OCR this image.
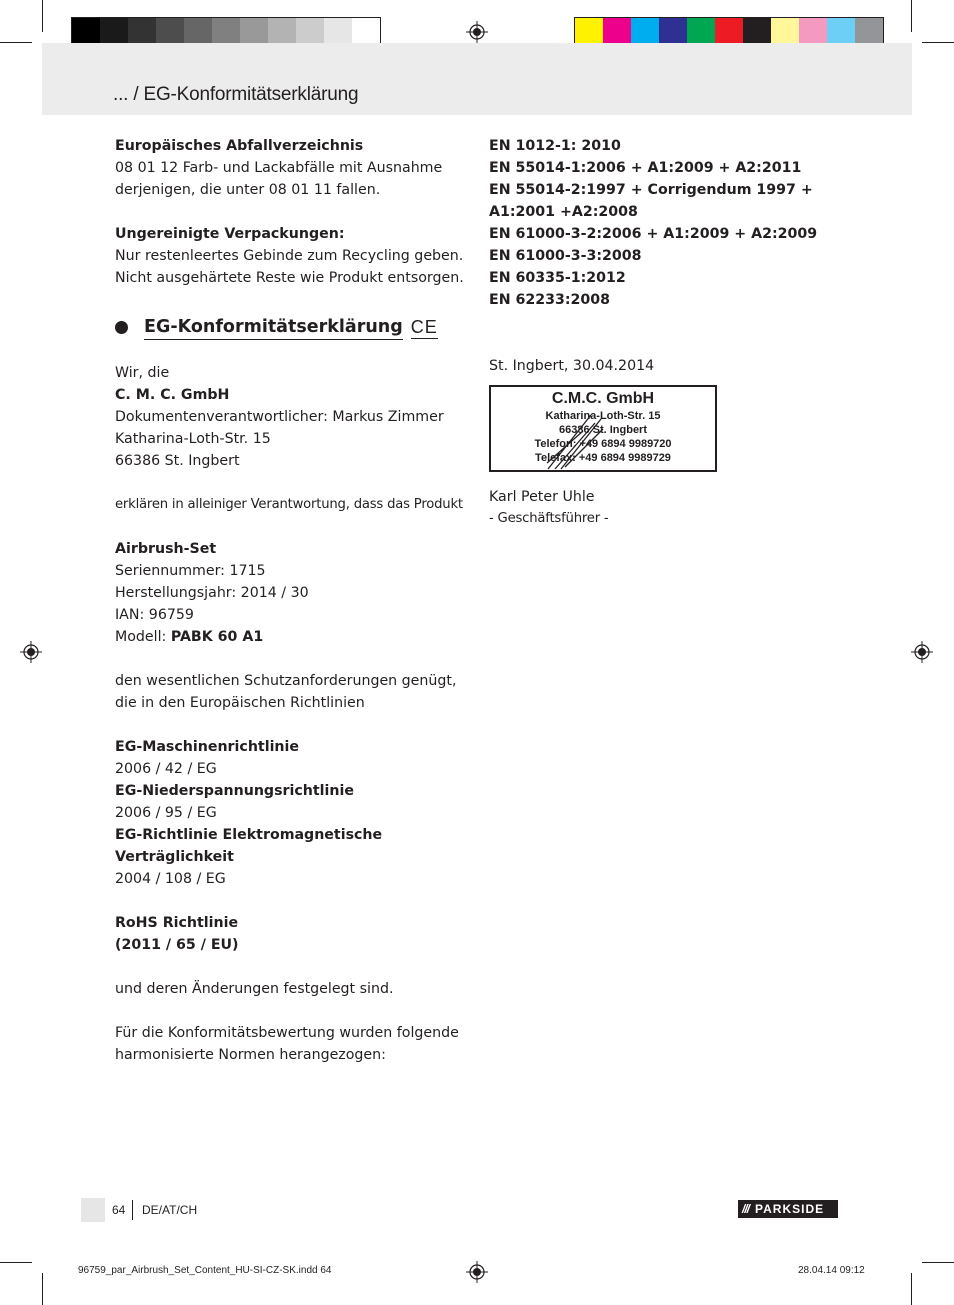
... / EG-Konformitätserklärung
Europäisches Abfallverzeichnis
08 01 12 Farb- und Lackabfälle mit Ausnahme
derjenigen, die unter 08 01 11 fallen.
Ungereinigte Verpackungen:
Nur restenleertes Gebinde zum Recycling geben.
Nicht ausgehärtete Reste wie Produkt entsorgen.
EG-Konformitätserklärung CE
Wir, die
C. M. C. GmbH
Dokumentenverantwortlicher: Markus Zimmer
Katharina-Loth-Str. 15
66386 St. Ingbert
erklären in alleiniger Verantwortung, dass das Produkt
Airbrush-Set
Seriennummer: 1715
Herstellungsjahr: 2014 / 30
IAN: 96759
Modell: PABK 60 A1
den wesentlichen Schutzanforderungen genügt,
die in den Europäischen Richtlinien
EG-Maschinenrichtlinie
2006 / 42 / EG
EG-Niederspannungsrichtlinie
2006 / 95 / EG
EG-Richtlinie Elektromagnetische
Verträglichkeit
2004 / 108 / EG
RoHS Richtlinie
(2011 / 65 / EU)
und deren Änderungen festgelegt sind.
Für die Konformitätsbewertung wurden folgende
harmonisierte Normen herangezogen:
EN 1012-1: 2010
EN 55014-1:2006 + A1:2009 + A2:2011
EN 55014-2:1997 + Corrigendum 1997 +
A1:2001 +A2:2008
EN 61000-3-2:2006 + A1:2009 + A2:2009
EN 61000-3-3:2008
EN 60335-1:2012
EN 62233:2008
St. Ingbert, 30.04.2014
C.M.C. GmbH
Katharina-Loth-Str. 15
66386 St. Ingbert
Telefon: +49 6894 9989720
Telefax: +49 6894 9989729
Karl Peter Uhle
- Geschäftsführer -
64 DE/AT/CH	/// PARKSIDE
96759_par_Airbrush_Set_Content_HU-SI-CZ-SK.indd 64	28.04.14 09:12
